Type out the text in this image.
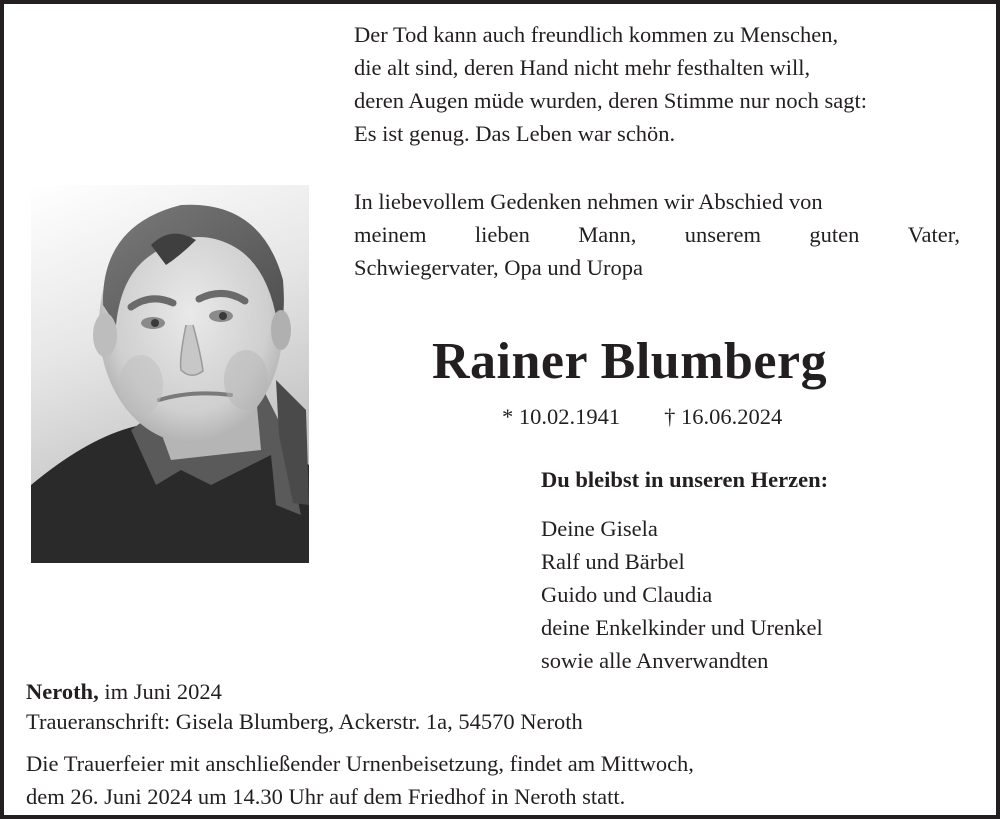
Der Tod kann auch freundlich kommen zu Menschen,
die alt sind, deren Hand nicht mehr festhalten will,
deren Augen müde wurden, deren Stimme nur noch sagt:
Es ist genug. Das Leben war schön.
In liebevollem Gedenken nehmen wir Abschied von
meinem lieben Mann, unserem guten Vater,
Schwiegervater, Opa und Uropa
Rainer Blumberg
* 10.02.1941 † 16.06.2024
Du bleibst in unseren Herzen:
Deine Gisela
Ralf und Bärbel
Guido und Claudia
deine Enkelkinder und Urenkel
sowie alle Anverwandten
Neroth, im Juni 2024
Traueranschrift: Gisela Blumberg, Ackerstr. 1a, 54570 Neroth
Die Trauerfeier mit anschließender Urnenbeisetzung, findet am Mittwoch,
dem 26. Juni 2024 um 14.30 Uhr auf dem Friedhof in Neroth statt.
